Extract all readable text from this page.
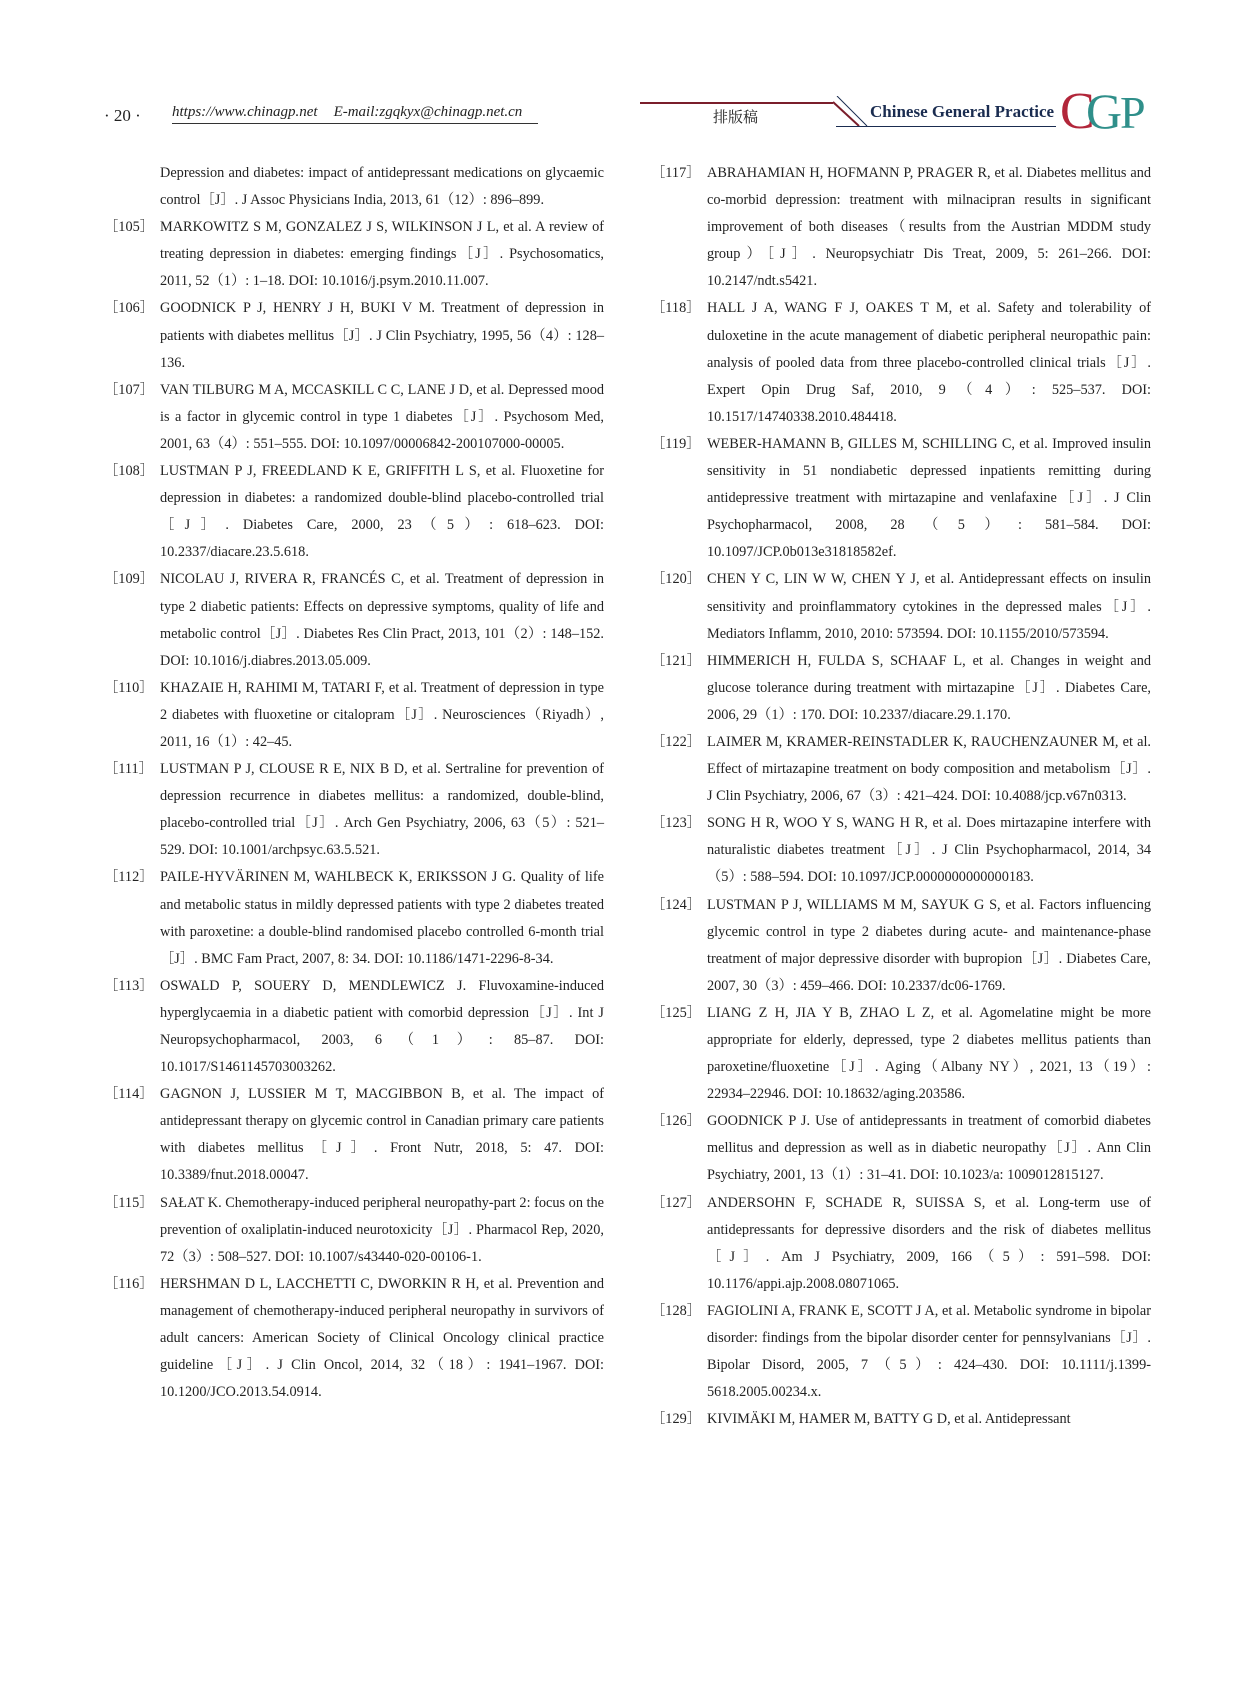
· 20 · https://www.chinagp.net E-mail:zgqkyx@chinagp.net.cn	排版稿	Chinese General Practice C
G
P

Depression and diabetes: impact of antidepressant medications on glycaemic control［J］. J Assoc Physicians India, 2013, 61（12）: 896–899.

［105］ MARKOWITZ S M, GONZALEZ J S, WILKINSON J L, et al. A review of treating depression in diabetes: emerging findings［J］. Psychosomatics, 2011, 52（1）: 1–18. DOI: 10.1016/j.psym.2010.11.007.

［106］ GOODNICK P J, HENRY J H, BUKI V M. Treatment of depression in patients with diabetes mellitus［J］. J Clin Psychiatry, 1995, 56（4）: 128–136.

［107］ VAN TILBURG M A, MCCASKILL C C, LANE J D, et al. Depressed mood is a factor in glycemic control in type 1 diabetes［J］. Psychosom Med, 2001, 63（4）: 551–555. DOI: 10.1097/00006842-200107000-00005.

［108］ LUSTMAN P J, FREEDLAND K E, GRIFFITH L S, et al. Fluoxetine for depression in diabetes: a randomized double-blind placebo-controlled trial［J］. Diabetes Care, 2000, 23（5）: 618–623. DOI: 10.2337/diacare.23.5.618.

［109］ NICOLAU J, RIVERA R, FRANCÉS C, et al. Treatment of depression in type 2 diabetic patients: Effects on depressive symptoms, quality of life and metabolic control［J］. Diabetes Res Clin Pract, 2013, 101（2）: 148–152. DOI: 10.1016/j.diabres.2013.05.009.

［110］ KHAZAIE H, RAHIMI M, TATARI F, et al. Treatment of depression in type 2 diabetes with fluoxetine or citalopram［J］. Neurosciences（Riyadh）, 2011, 16（1）: 42–45.

［111］ LUSTMAN P J, CLOUSE R E, NIX B D, et al. Sertraline for prevention of depression recurrence in diabetes mellitus: a randomized, double-blind, placebo-controlled trial［J］. Arch Gen Psychiatry, 2006, 63（5）: 521–529. DOI: 10.1001/archpsyc.63.5.521.

［112］ PAILE-HYVÄRINEN M, WAHLBECK K, ERIKSSON J G. Quality of life and metabolic status in mildly depressed patients with type 2 diabetes treated with paroxetine: a double-blind randomised placebo controlled 6-month trial［J］. BMC Fam Pract, 2007, 8: 34. DOI: 10.1186/1471-2296-8-34.

［113］ OSWALD P, SOUERY D, MENDLEWICZ J. Fluvoxamine-induced hyperglycaemia in a diabetic patient with comorbid depression［J］. Int J Neuropsychopharmacol, 2003, 6（1）: 85–87. DOI: 10.1017/S1461145703003262.

［114］ GAGNON J, LUSSIER M T, MACGIBBON B, et al. The impact of antidepressant therapy on glycemic control in Canadian primary care patients with diabetes mellitus［J］. Front Nutr, 2018, 5: 47. DOI: 10.3389/fnut.2018.00047.

［115］ SAŁAT K. Chemotherapy-induced peripheral neuropathy-part 2: focus on the prevention of oxaliplatin-induced neurotoxicity［J］. Pharmacol Rep, 2020, 72（3）: 508–527. DOI: 10.1007/s43440-020-00106-1.

［116］ HERSHMAN D L, LACCHETTI C, DWORKIN R H, et al. Prevention and management of chemotherapy-induced peripheral neuropathy in survivors of adult cancers: American Society of Clinical Oncology clinical practice guideline［J］. J Clin Oncol, 2014, 32（18）: 1941–1967. DOI: 10.1200/JCO.2013.54.0914.

［117］ ABRAHAMIAN H, HOFMANN P, PRAGER R, et al. Diabetes mellitus and co-morbid depression: treatment with milnacipran results in significant improvement of both diseases（results from the Austrian MDDM study group）［J］. Neuropsychiatr Dis Treat, 2009, 5: 261–266. DOI: 10.2147/ndt.s5421.

［118］ HALL J A, WANG F J, OAKES T M, et al. Safety and tolerability of duloxetine in the acute management of diabetic peripheral neuropathic pain: analysis of pooled data from three placebo-controlled clinical trials［J］. Expert Opin Drug Saf, 2010, 9（4）: 525–537. DOI: 10.1517/14740338.2010.484418.

［119］ WEBER-HAMANN B, GILLES M, SCHILLING C, et al. Improved insulin sensitivity in 51 nondiabetic depressed inpatients remitting during antidepressive treatment with mirtazapine and venlafaxine［J］. J Clin Psychopharmacol, 2008, 28（5）: 581–584. DOI: 10.1097/JCP.0b013e31818582ef.

［120］ CHEN Y C, LIN W W, CHEN Y J, et al. Antidepressant effects on insulin sensitivity and proinflammatory cytokines in the depressed males［J］. Mediators Inflamm, 2010, 2010: 573594. DOI: 10.1155/2010/573594.

［121］ HIMMERICH H, FULDA S, SCHAAF L, et al. Changes in weight and glucose tolerance during treatment with mirtazapine［J］. Diabetes Care, 2006, 29（1）: 170. DOI: 10.2337/diacare.29.1.170.

［122］ LAIMER M, KRAMER-REINSTADLER K, RAUCHENZAUNER M, et al. Effect of mirtazapine treatment on body composition and metabolism［J］. J Clin Psychiatry, 2006, 67（3）: 421–424. DOI: 10.4088/jcp.v67n0313.

［123］ SONG H R, WOO Y S, WANG H R, et al. Does mirtazapine interfere with naturalistic diabetes treatment［J］. J Clin Psychopharmacol, 2014, 34（5）: 588–594. DOI: 10.1097/JCP.0000000000000183.

［124］ LUSTMAN P J, WILLIAMS M M, SAYUK G S, et al. Factors influencing glycemic control in type 2 diabetes during acute- and maintenance-phase treatment of major depressive disorder with bupropion［J］. Diabetes Care, 2007, 30（3）: 459–466. DOI: 10.2337/dc06-1769.

［125］ LIANG Z H, JIA Y B, ZHAO L Z, et al. Agomelatine might be more appropriate for elderly, depressed, type 2 diabetes mellitus patients than paroxetine/fluoxetine［J］. Aging（Albany NY）, 2021, 13（19）: 22934–22946. DOI: 10.18632/aging.203586.

［126］ GOODNICK P J. Use of antidepressants in treatment of comorbid diabetes mellitus and depression as well as in diabetic neuropathy［J］. Ann Clin Psychiatry, 2001, 13（1）: 31–41. DOI: 10.1023/a: 1009012815127.

［127］ ANDERSOHN F, SCHADE R, SUISSA S, et al. Long-term use of antidepressants for depressive disorders and the risk of diabetes mellitus［J］. Am J Psychiatry, 2009, 166（5）: 591–598. DOI: 10.1176/appi.ajp.2008.08071065.

［128］ FAGIOLINI A, FRANK E, SCOTT J A, et al. Metabolic syndrome in bipolar disorder: findings from the bipolar disorder center for pennsylvanians［J］. Bipolar Disord, 2005, 7（5）: 424–430. DOI: 10.1111/j.1399-5618.2005.00234.x.

［129］ KIVIMÄKI M, HAMER M, BATTY G D, et al. Antidepressant
